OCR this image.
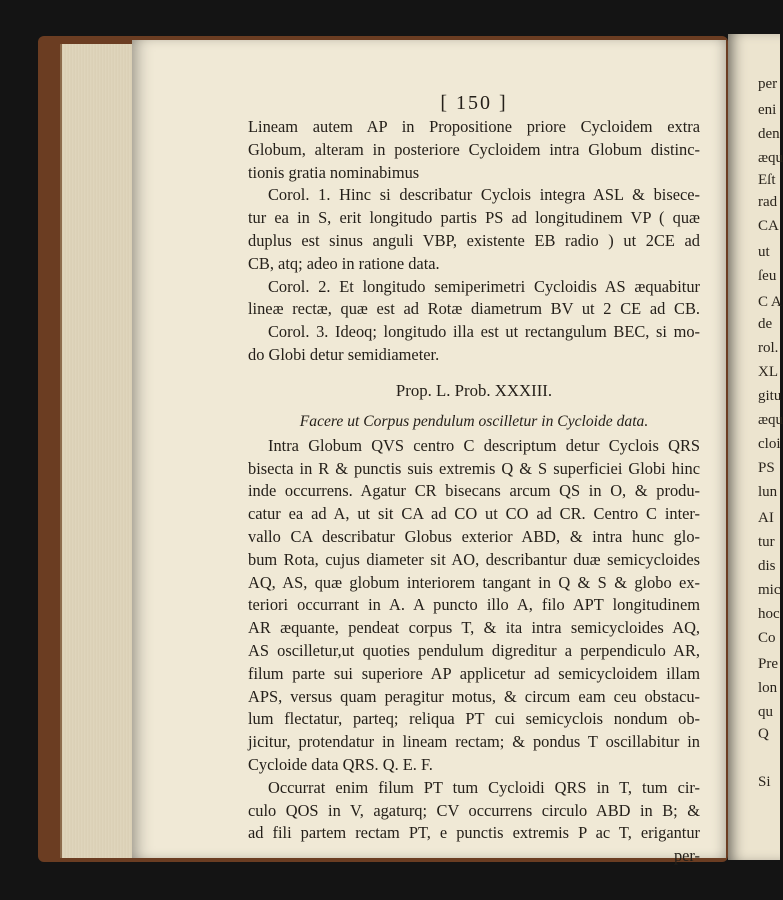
per
eni
den
æqu
Eſt
rad
CA
ut
ſeu
C A
de
rol.
XL
gitu
æqu
cloi
PS
lun
AI
tur
dis
mic
hoc
Co
Pre
lon
qu
Q
Si
[ 150 ]
Lineam autem AP in Propositione priore Cycloidem extra
Globum, alteram in posteriore Cycloidem intra Globum distinc-
tionis gratia nominabimus
Corol. 1. Hinc si describatur Cyclois integra ASL & bisece-
tur ea in S, erit longitudo partis PS ad longitudinem VP ( quæ
duplus est sinus anguli VBP, existente EB radio ) ut 2CE ad
CB, atq; adeo in ratione data.
Corol. 2. Et longitudo semiperimetri Cycloidis AS æquabitur
lineæ rectæ, quæ est ad Rotæ diametrum BV ut 2 CE ad CB.
Corol. 3. Ideoq; longitudo illa est ut rectangulum BEC, si mo-
do Globi detur semidiameter.
Prop. L. Prob. XXXIII.
Facere ut Corpus pendulum oscilletur in Cycloide data.
Intra Globum QVS centro C descriptum detur Cyclois QRS
bisecta in R & punctis suis extremis Q & S superficiei Globi hinc
inde occurrens. Agatur CR bisecans arcum QS in O, & produ-
catur ea ad A, ut sit CA ad CO ut CO ad CR. Centro C inter-
vallo CA describatur Globus exterior ABD, & intra hunc glo-
bum Rota, cujus diameter sit AO, describantur duæ semicycloides
AQ, AS, quæ globum interiorem tangant in Q & S & globo ex-
teriori occurrant in A. A puncto illo A, filo APT longitudinem
AR æquante, pendeat corpus T, & ita intra semicycloides AQ,
AS oscilletur,ut quoties pendulum digreditur a perpendiculo AR,
filum parte sui superiore AP applicetur ad semicycloidem illam
APS, versus quam peragitur motus, & circum eam ceu obstacu-
lum flectatur, parteq; reliqua PT cui semicyclois nondum ob-
jicitur, protendatur in lineam rectam; & pondus T oscillabitur in
Cycloide data QRS. Q. E. F.
Occurrat enim filum PT tum Cycloidi QRS in T, tum cir-
culo QOS in V, agaturq; CV occurrens circulo ABD in B; &
ad fili partem rectam PT, e punctis extremis P ac T, erigantur
per-
